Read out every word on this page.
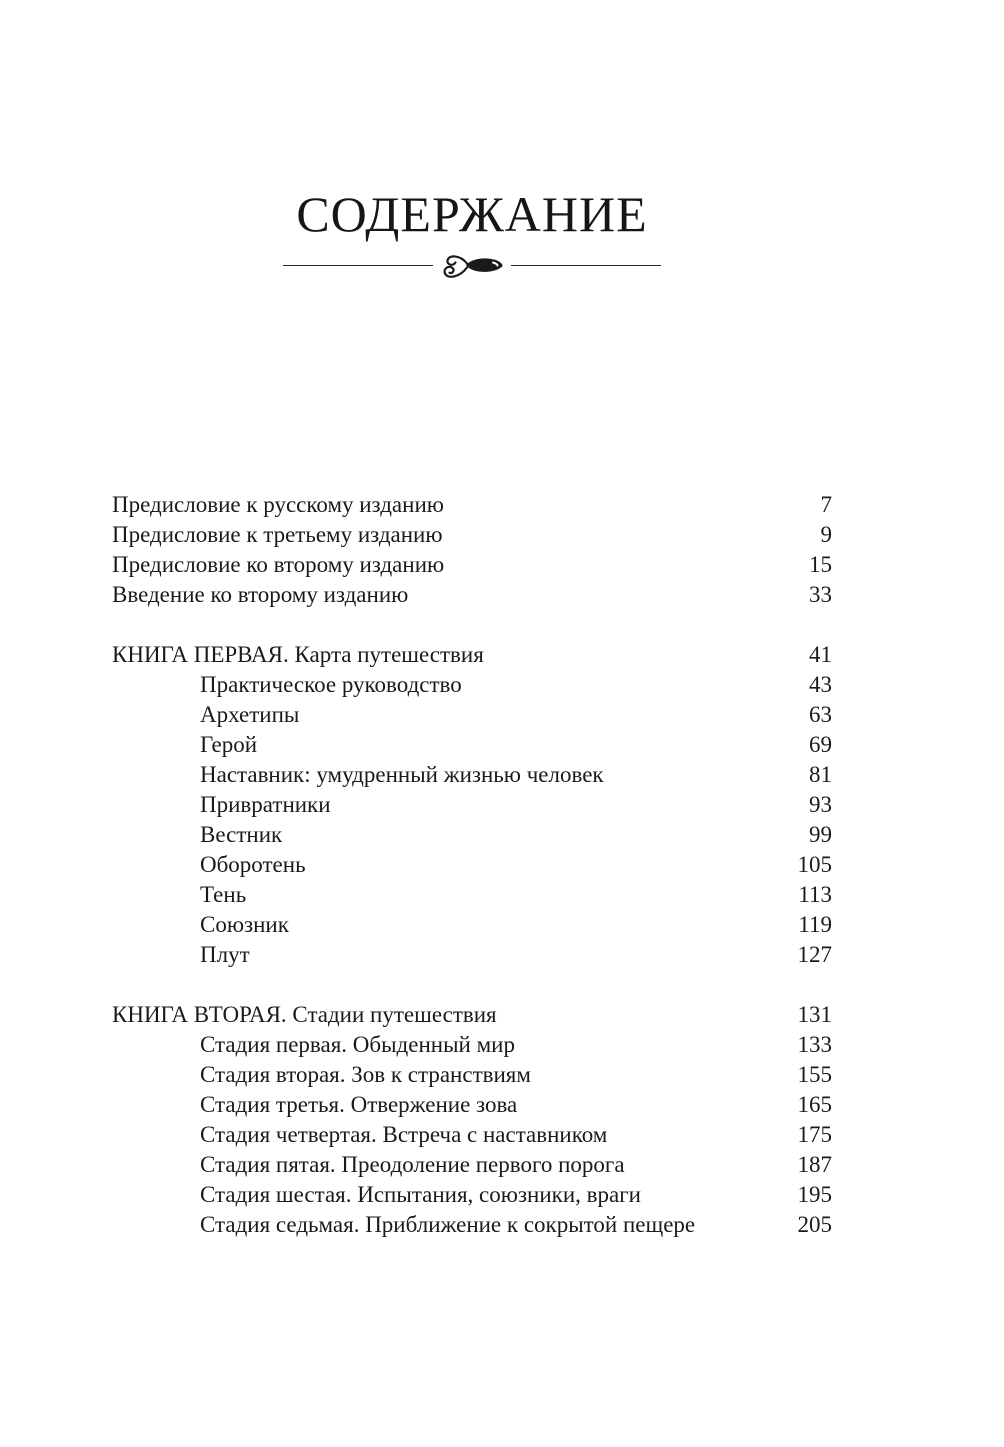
СОДЕРЖАНИЕ
Предисловие к русскому изданию	7
Предисловие к третьему изданию	9
Предисловие ко второму изданию	15
Введение ко второму изданию	33
КНИГА ПЕРВАЯ. Карта путешествия	41
Практическое руководство	43
Архетипы	63
Герой	69
Наставник: умудренный жизнью человек	81
Привратники	93
Вестник	99
Оборотень	105
Тень	113
Союзник	119
Плут	127
КНИГА ВТОРАЯ. Стадии путешествия	131
Стадия первая. Обыденный мир	133
Стадия вторая. Зов к странствиям	155
Стадия третья. Отвержение зова	165
Стадия четвертая. Встреча с наставником	175
Стадия пятая. Преодоление первого порога	187
Стадия шестая. Испытания, союзники, враги	195
Стадия седьмая. Приближение к сокрытой пещере	205
